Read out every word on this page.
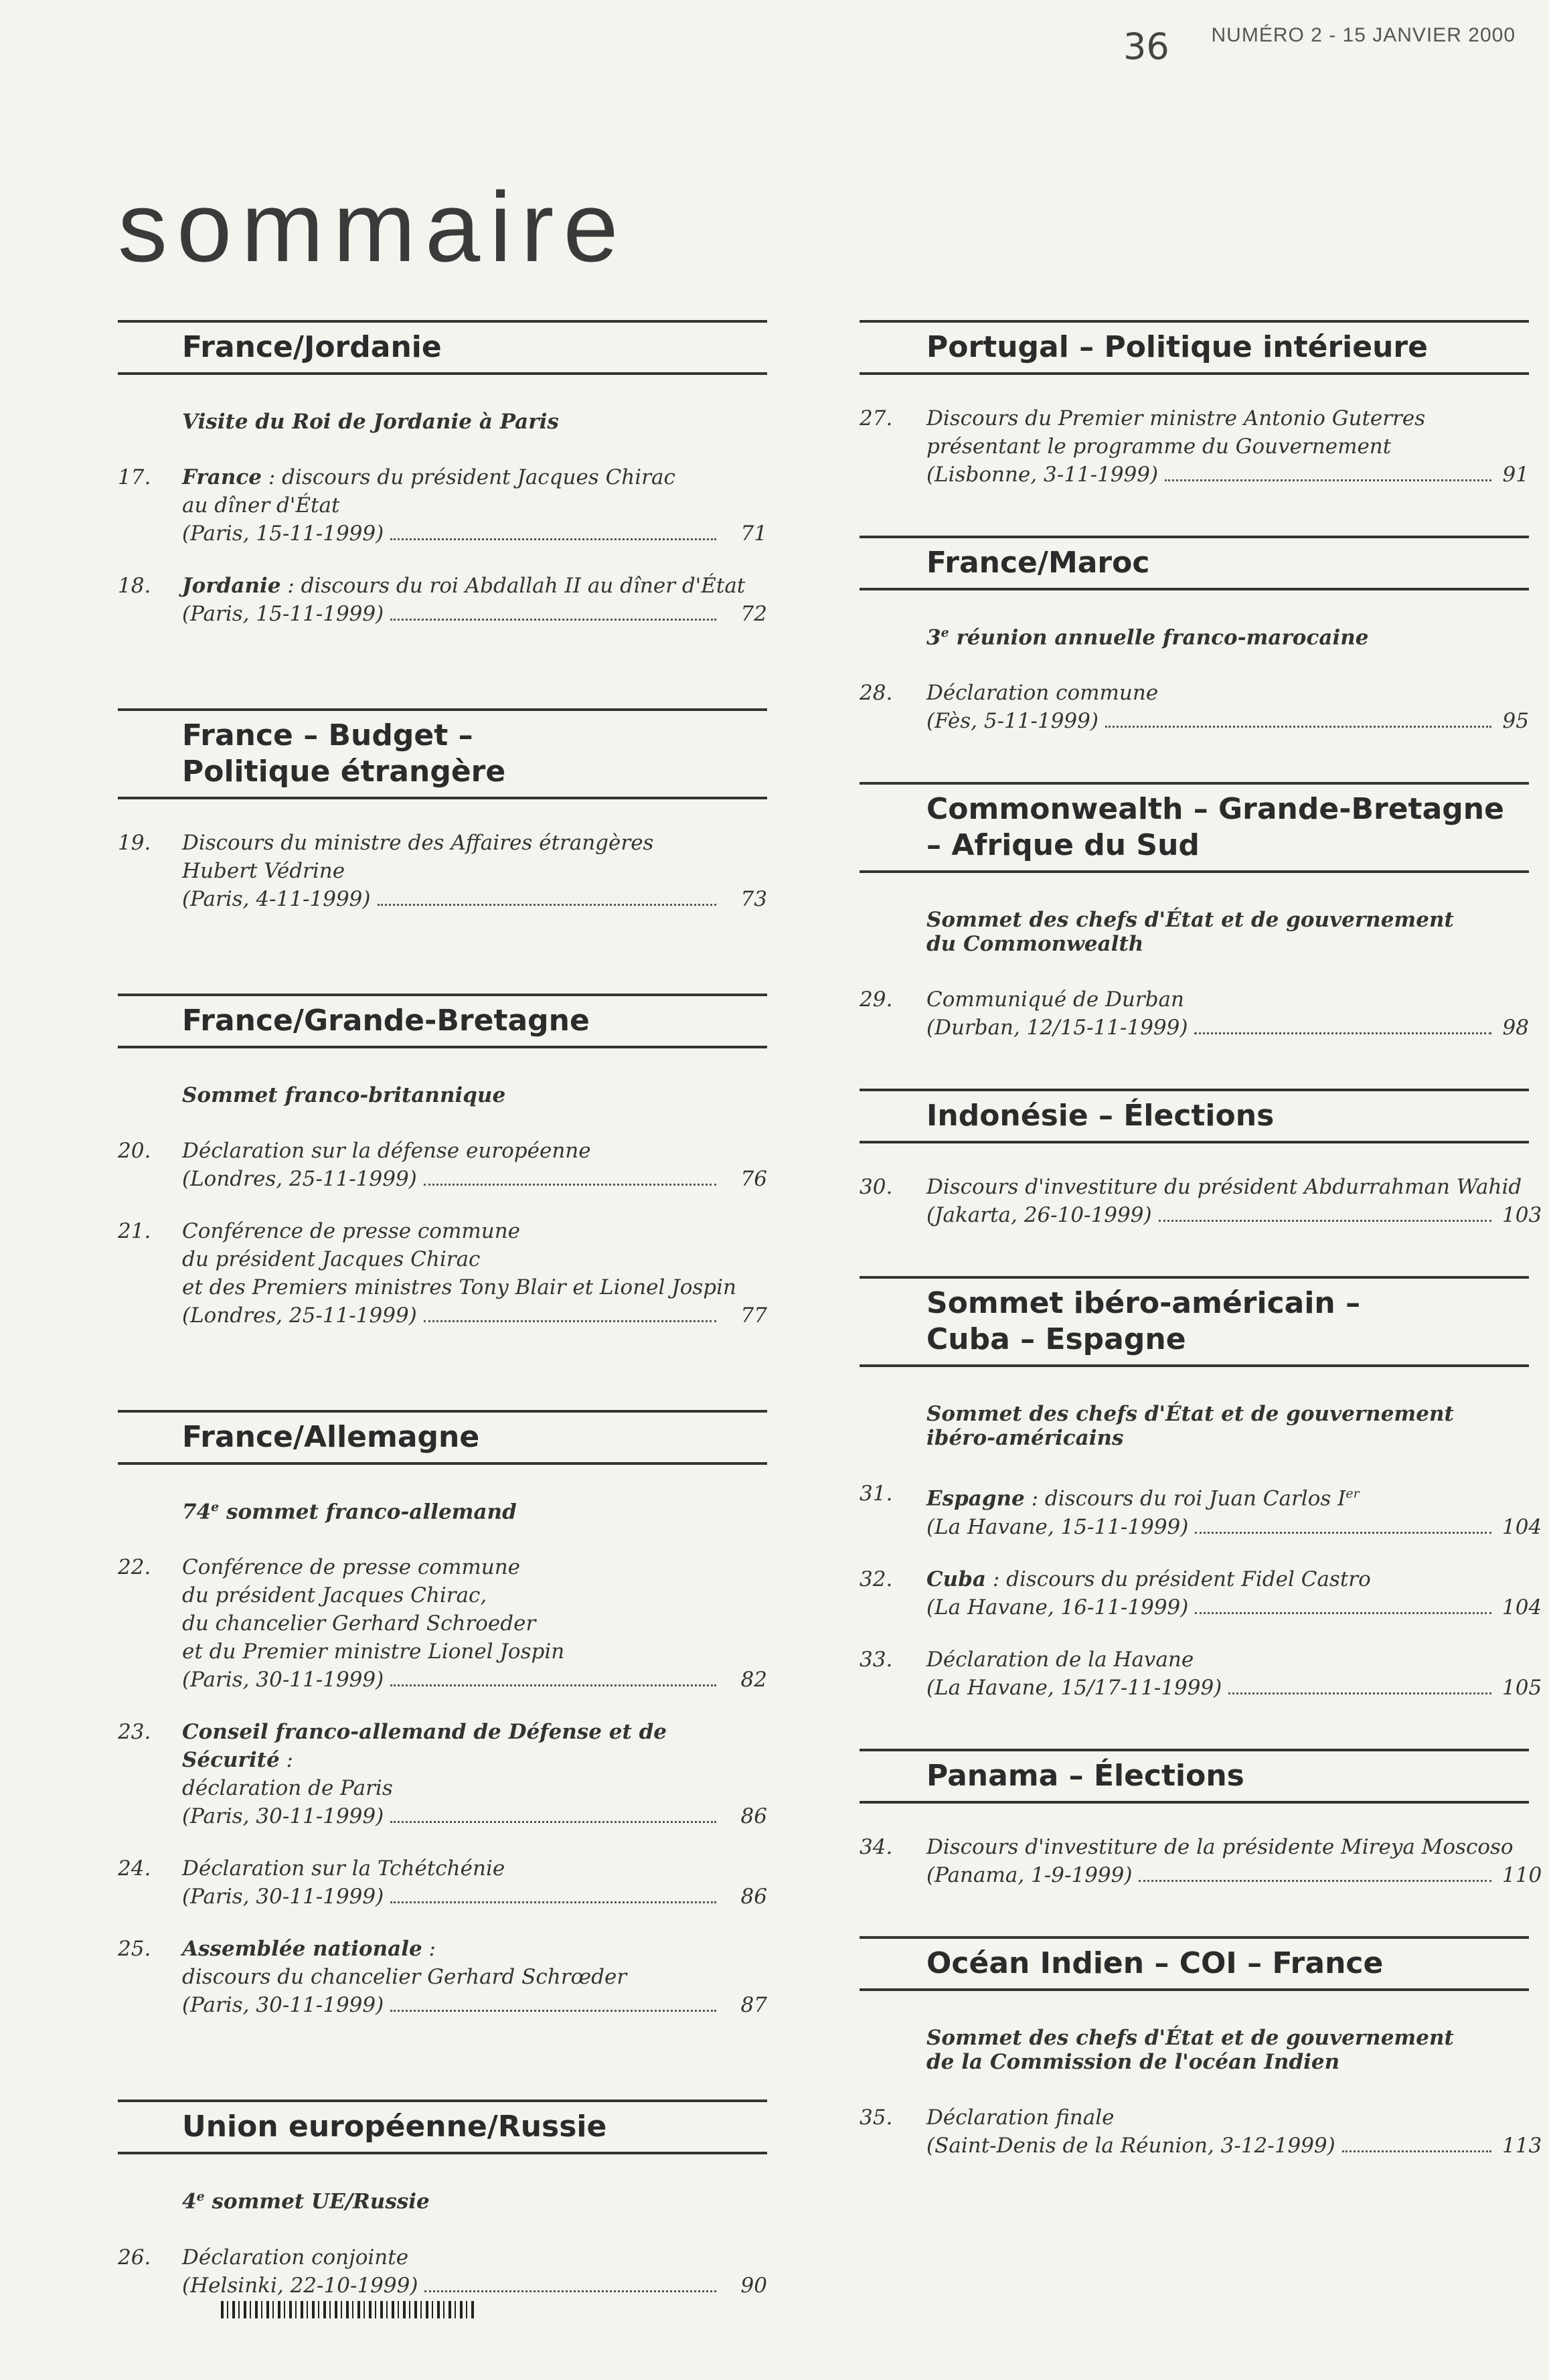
36 NUMÉRO 2 - 15 JANVIER 2000
sommaire
France/Jordanie
Visite du Roi de Jordanie à Paris
17.	France : discours du président Jacques Chirac
au dîner d'État
(Paris, 15-11-1999)	71
18.	Jordanie : discours du roi Abdallah II au dîner d'État
(Paris, 15-11-1999)	72
France – Budget –
Politique étrangère
19.	Discours du ministre des Affaires étrangères
Hubert Védrine
(Paris, 4-11-1999)	73
France/Grande-Bretagne
Sommet franco-britannique
20.	Déclaration sur la défense européenne
(Londres, 25-11-1999)	76
21.	Conférence de presse commune
du président Jacques Chirac
et des Premiers ministres Tony Blair et Lionel Jospin
(Londres, 25-11-1999)	77
France/Allemagne
74e sommet franco-allemand
22.	Conférence de presse commune
du président Jacques Chirac,
du chancelier Gerhard Schroeder
et du Premier ministre Lionel Jospin
(Paris, 30-11-1999)	82
23.	Conseil franco-allemand de Défense et de Sécurité :
déclaration de Paris
(Paris, 30-11-1999)	86
24.	Déclaration sur la Tchétchénie
(Paris, 30-11-1999)	86
25.	Assemblée nationale :
discours du chancelier Gerhard Schrœder
(Paris, 30-11-1999)	87
Union européenne/Russie
4e sommet UE/Russie
26.	Déclaration conjointe
(Helsinki, 22-10-1999)	90
Portugal – Politique intérieure
27.	Discours du Premier ministre Antonio Guterres
présentant le programme du Gouvernement
(Lisbonne, 3-11-1999)	91
France/Maroc
3e réunion annuelle franco-marocaine
28.	Déclaration commune
(Fès, 5-11-1999)	95
Commonwealth – Grande-Bretagne
– Afrique du Sud
Sommet des chefs d'État et de gouvernement
du Commonwealth
29.	Communiqué de Durban
(Durban, 12/15-11-1999)	98
Indonésie – Élections
30.	Discours d'investiture du président Abdurrahman Wahid
(Jakarta, 26-10-1999)	103
Sommet ibéro-américain –
Cuba – Espagne
Sommet des chefs d'État et de gouvernement
ibéro-américains
31.	Espagne : discours du roi Juan Carlos Ier
(La Havane, 15-11-1999)	104
32.	Cuba : discours du président Fidel Castro
(La Havane, 16-11-1999)	104
33.	Déclaration de la Havane
(La Havane, 15/17-11-1999)	105
Panama – Élections
34.	Discours d'investiture de la présidente Mireya Moscoso
(Panama, 1-9-1999)	110
Océan Indien – COI – France
Sommet des chefs d'État et de gouvernement
de la Commission de l'océan Indien
35.	Déclaration finale
(Saint-Denis de la Réunion, 3-12-1999)	113
